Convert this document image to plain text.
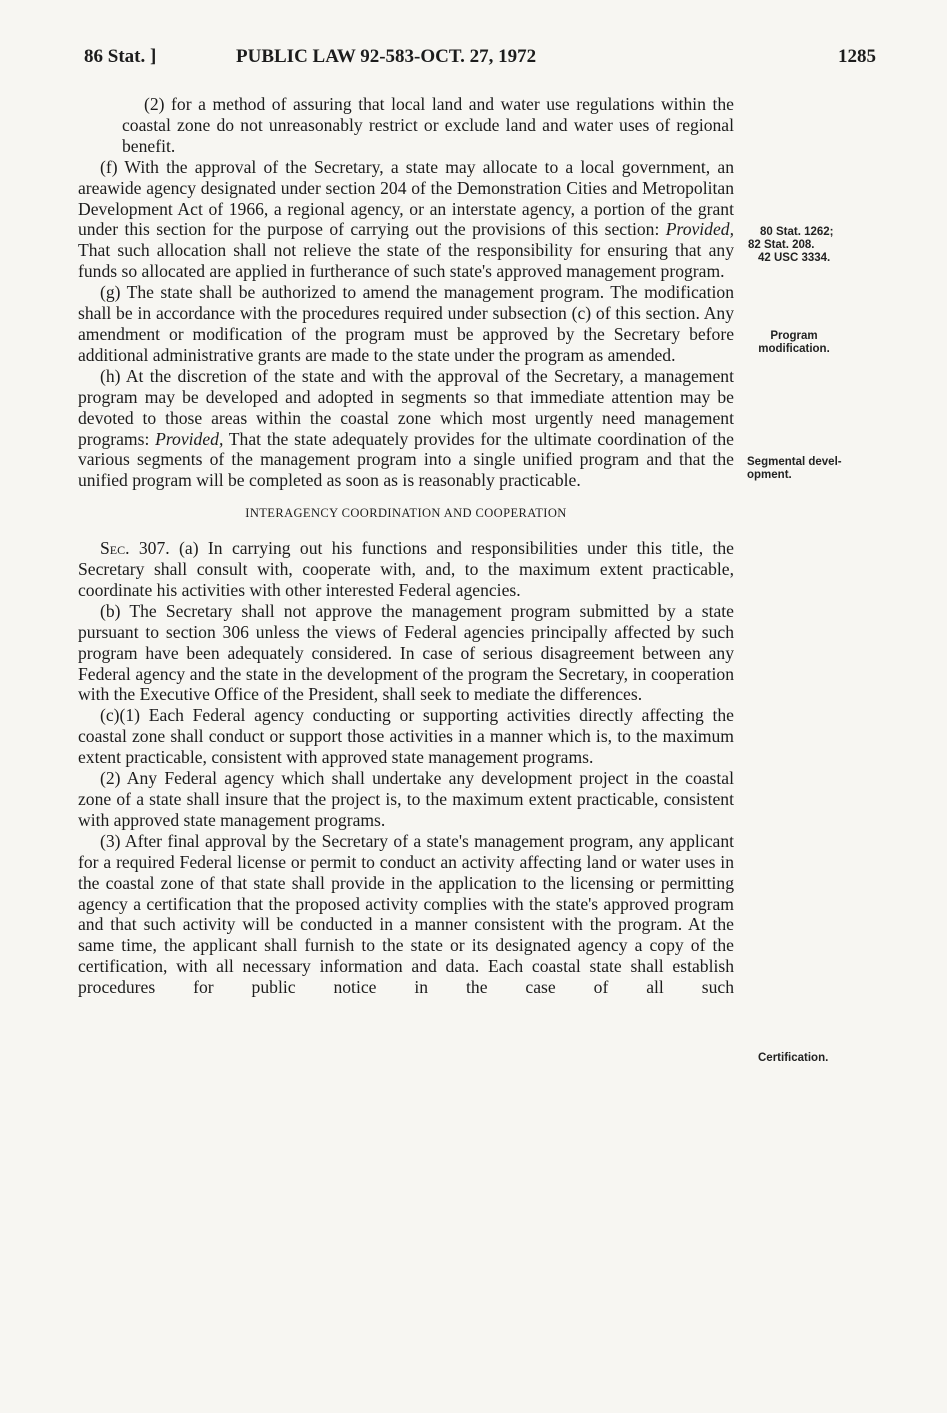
86 Stat. ]	PUBLIC LAW 92-583-OCT. 27, 1972	1285

(2) for a method of assuring that local land and water use regulations within the coastal zone do not unreasonably restrict or exclude land and water uses of regional benefit.

(f) With the approval of the Secretary, a state may allocate to a local government, an areawide agency designated under section 204 of the Demonstration Cities and Metropolitan Development Act of 1966, a regional agency, or an interstate agency, a portion of the grant under this section for the purpose of carrying out the provisions of this section: Provided, That such allocation shall not relieve the state of the responsibility for ensuring that any funds so allocated are applied in furtherance of such state's approved management program.

(g) The state shall be authorized to amend the management program. The modification shall be in accordance with the procedures required under subsection (c) of this section. Any amendment or modification of the program must be approved by the Secretary before additional administrative grants are made to the state under the program as amended.

(h) At the discretion of the state and with the approval of the Secretary, a management program may be developed and adopted in segments so that immediate attention may be devoted to those areas within the coastal zone which most urgently need management programs: Provided, That the state adequately provides for the ultimate coordination of the various segments of the management program into a single unified program and that the unified program will be completed as soon as is reasonably practicable.

INTERAGENCY COORDINATION AND COOPERATION

Sec. 307. (a) In carrying out his functions and responsibilities under this title, the Secretary shall consult with, cooperate with, and, to the maximum extent practicable, coordinate his activities with other interested Federal agencies.

(b) The Secretary shall not approve the management program submitted by a state pursuant to section 306 unless the views of Federal agencies principally affected by such program have been adequately considered. In case of serious disagreement between any Federal agency and the state in the development of the program the Secretary, in cooperation with the Executive Office of the President, shall seek to mediate the differences.

(c)(1) Each Federal agency conducting or supporting activities directly affecting the coastal zone shall conduct or support those activities in a manner which is, to the maximum extent practicable, consistent with approved state management programs.

(2) Any Federal agency which shall undertake any development project in the coastal zone of a state shall insure that the project is, to the maximum extent practicable, consistent with approved state management programs.

(3) After final approval by the Secretary of a state's management program, any applicant for a required Federal license or permit to conduct an activity affecting land or water uses in the coastal zone of that state shall provide in the application to the licensing or permitting agency a certification that the proposed activity complies with the state's approved program and that such activity will be conducted in a manner consistent with the program. At the same time, the applicant shall furnish to the state or its designated agency a copy of the certification, with all necessary information and data. Each coastal state shall establish procedures for public notice in the case of all such

80 Stat. 1262;
82 Stat. 208.
42 USC 3334.
Program
modification.
Segmental devel-
opment.
Certification.
